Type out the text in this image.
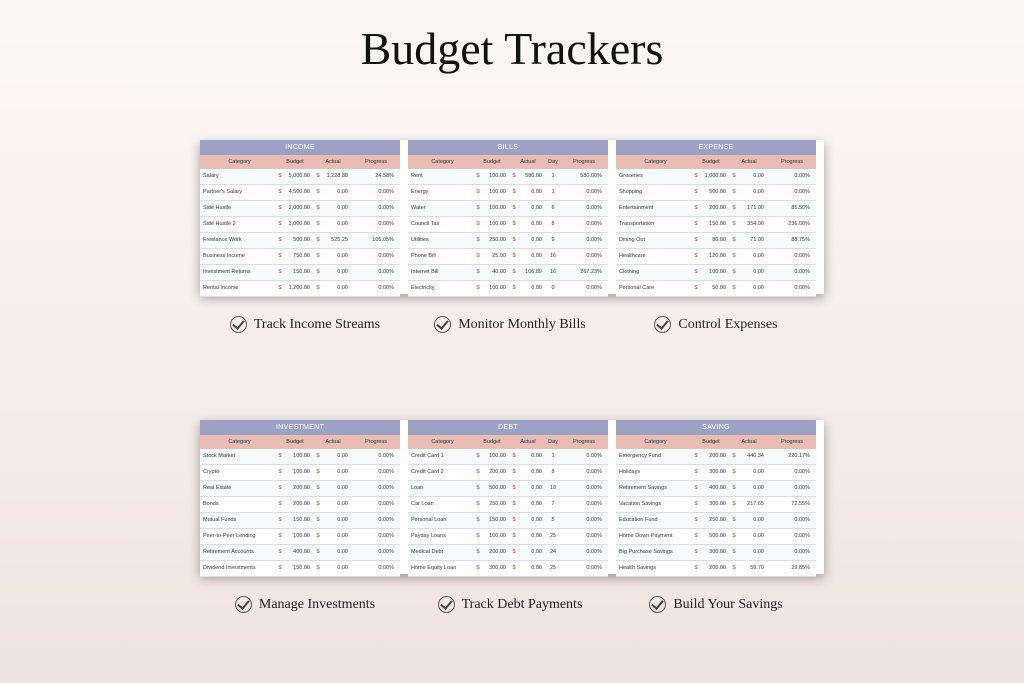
Budget Trackers
INCOME
Category	Budget	Actual	Progress
Salary	$	5,000.00	$	1,228.88	24.58%
Partner's Salary	$	4,500.00	$	0.00	0.00%
Side Hustle	$	2,000.00	$	0.00	0.00%
Side Hustle 2	$	3,000.00	$	0.00	0.00%
Freelance Work	$	500.00	$	525.25	105.05%
Business Income	$	750.00	$	0.00	0.00%
Investment Returns	$	150.00	$	0.00	0.00%
Rental Income	$	1,200.00	$	0.00	0.00%
BILLS
Category	Budget	Actual	Day	Progress
Rent	$	100.00	$	580.00	1	580.00%
Energy	$	100.00	$	0.00	1	0.00%
Water	$	100.00	$	0.00	6	0.00%
Council Tax	$	100.00	$	0.00	8	0.00%
Utilities	$	250.00	$	0.00	9	0.00%
Phone Bill	$	25.00	$	0.00	16	0.00%
Internet Bill	$	40.00	$	106.89	16	267.23%
Electricity	$	100.00	$	0.00	0	0.00%
EXPENSE
Category	Budget	Actual	Progress
Groceries	$	1,000.00	$	0.00	0.00%
Shopping	$	500.00	$	0.00	0.00%
Entertainment	$	200.00	$	171.00	85.50%
Transportation	$	150.00	$	354.00	236.00%
Dining Out	$	80.00	$	71.00	88.75%
Healthcare	$	120.00	$	0.00	0.00%
Clothing	$	100.00	$	0.00	0.00%
Personal Care	$	50.00	$	0.00	0.00%
INVESTMENT
Category	Budget	Actual	Progress
Stock Market	$	100.00	$	0.00	0.00%
Crypto	$	100.00	$	0.00	0.00%
Real Estate	$	200.00	$	0.00	0.00%
Bonds	$	200.00	$	0.00	0.00%
Mutual Funds	$	150.00	$	0.00	0.00%
Peer-to-Peer Lending	$	100.00	$	0.00	0.00%
Retirement Accounts	$	400.00	$	0.00	0.00%
Dividend Investments	$	150.00	$	0.00	0.00%
DEBT
Category	Budget	Actual	Day	Progress
Credit Card 1	$	100.00	$	0.00	1	0.00%
Credit Card 2	$	200.00	$	0.00	8	0.00%
Loan	$	500.00	$	0.00	10	0.00%
Car Loan	$	250.00	$	0.00	7	0.00%
Personal Loan	$	150.00	$	0.00	5	0.00%
Payday Loans	$	100.00	$	0.00	25	0.00%
Medical Debt	$	200.00	$	0.00	24	0.00%
Home Equity Loan	$	300.00	$	0.00	25	0.00%
SAVING
Category	Budget	Actual	Progress
Emergency Fund	$	200.00	$	440.34	220.17%
Holidays	$	300.00	$	0.00	0.00%
Retirement Savings	$	400.00	$	0.00	0.00%
Vacation Savings	$	300.00	$	217.65	72.55%
Education Fund	$	250.00	$	0.00	0.00%
Home Down Payment	$	500.00	$	0.00	0.00%
Big Purchase Savings	$	300.00	$	0.00	0.00%
Health Savings	$	200.00	$	59.70	29.85%
Track Income Streams	Monitor Monthly Bills	Control Expenses
Manage Investments	Track Debt Payments	Build Your Savings
